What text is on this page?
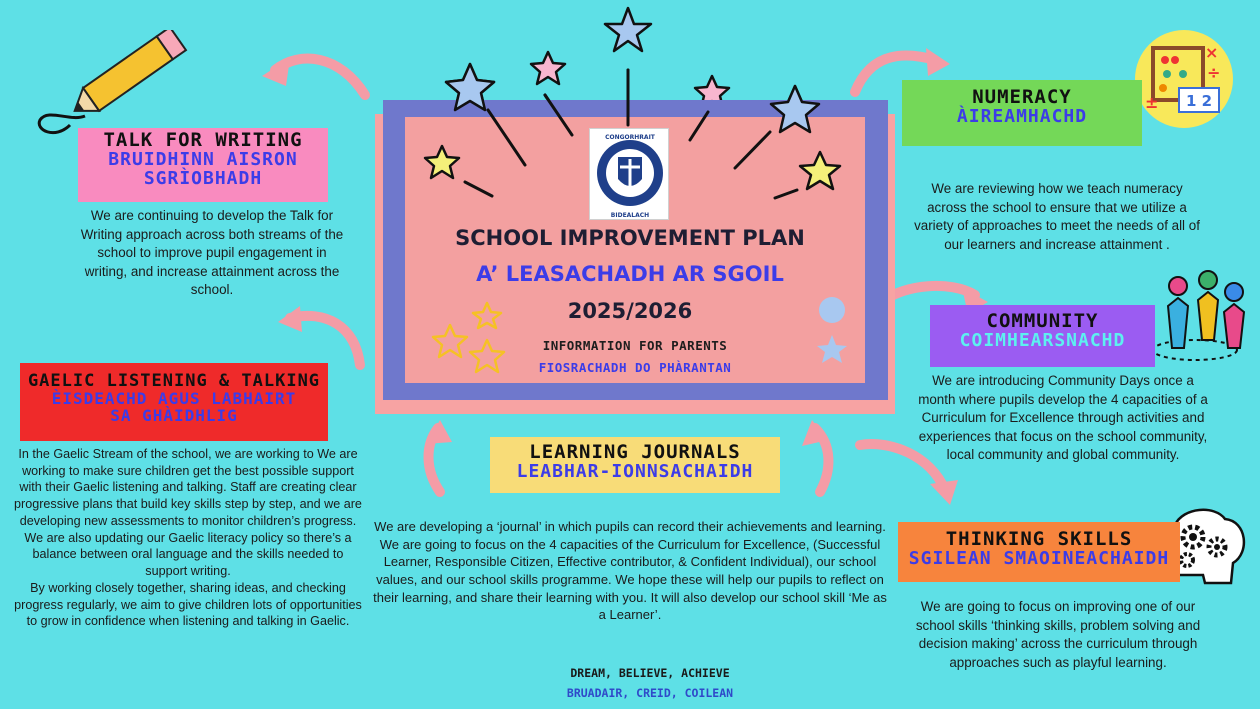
CONGORHRAIT
BIDEALACH
SCHOOL IMPROVEMENT PLAN
A’ LEASACHADH AR SGOIL
2025/2026
INFORMATION FOR PARENTS
FIOSRACHADH DO PHÀRANTAN
TALK FOR WRITING
BRUIDHINN AISRON SGRÌOBHADH
We are continuing to develop the Talk for Writing approach across both streams of the school to improve pupil engagement in writing, and increase attainment across the school.
GAELIC LISTENING & TALKING
ÈISDEACHD AGUS LABHAIRT SA GHÀIDHLIG
In the Gaelic Stream of the school, we are working to We are working to make sure children get the best possible support with their Gaelic listening and talking. Staff are creating clear progressive plans that build key skills step by step, and we are developing new assessments to monitor children’s progress.
We are also updating our Gaelic literacy policy so there’s a balance between oral language and the skills needed to support writing.
By working closely together, sharing ideas, and checking progress regularly, we aim to give children lots of opportunities to grow in confidence when listening and talking in Gaelic.
LEARNING JOURNALS
LEABHAR-IONNSACHAIDH
We are developing a ‘journal’ in which pupils can record their achievements and learning. We are going to focus on the 4 capacities of the Curriculum for Excellence, (Successful Learner, Responsible Citizen, Effective contributor, & Confident Individual), our school values, and our school skills programme. We hope these will help our pupils to reflect on their learning, and share their learning with you. It will also develop our school skill ‘Me as a Learner’.
DREAM, BELIEVE, ACHIEVE
BRUADAIR, CREID, COILEAN
×
÷
± 1 2
NUMERACY
ÀIREAMHACHD
We are reviewing how we teach numeracy across the school to ensure that we utilize a variety of approaches to meet the needs of all of our learners and increase attainment .
COMMUNITY
COIMHEARSNACHD
We are introducing Community Days once a month where pupils develop the 4 capacities of a Curriculum for Excellence through activities and experiences that focus on the school community, local community and global community.
THINKING SKILLS
SGILEAN SMAOINEACHAIDH
We are going to focus on improving one of our school skills ‘thinking skills, problem solving and decision making’ across the curriculum through approaches such as playful learning.
